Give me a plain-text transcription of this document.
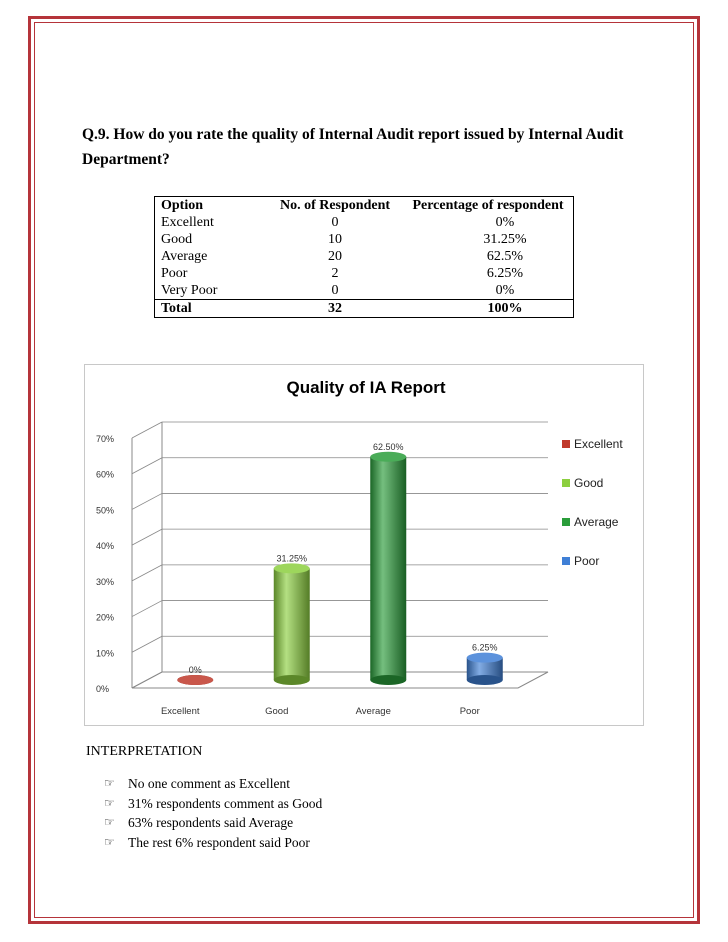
Q.9. How do you rate the quality of Internal Audit report issued by Internal Audit Department?
Option	No. of Respondent	Percentage of respondent
Excellent	0	0%
Good	10	31.25%
Average	20	62.5%
Poor	2	6.25%
Very Poor	0	0%
Total	32	100%
Quality of IA Report
0%
10%
20%
30%
40%
50%
60%
70%
0%
Excellent
31.25%
Good
62.50%
Average
6.25%
Poor
Excellent
Good
Average
Poor
INTERPRETATION
☞ No one comment as Excellent
☞ 31% respondents comment as Good
☞ 63% respondents said Average
☞ The rest 6% respondent said Poor
